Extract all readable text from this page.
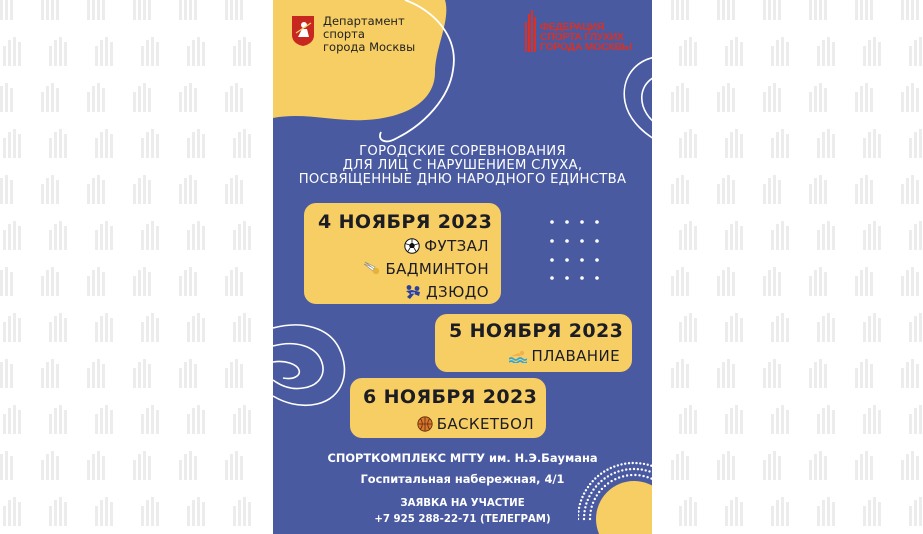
Департамент
спорта
города Москвы
ФЕДЕРАЦИЯ
СПОРТА ГЛУХИХ
ГОРОДА МОСКВЫ
ГОРОДСКИЕ СОРЕВНОВАНИЯ
ДЛЯ ЛИЦ С НАРУШЕНИЕМ СЛУХА,
ПОСВЯЩЕННЫЕ ДНЮ НАРОДНОГО ЕДИНСТВА
4 НОЯБРЯ 2023
ФУТЗАЛ
БАДМИНТОН
ДЗЮДО
5 НОЯБРЯ 2023
ПЛАВАНИЕ
6 НОЯБРЯ 2023
БАСКЕТБОЛ
СПОРТКОМПЛЕКС МГТУ им. Н.Э.Баумана
Госпитальная набережная, 4/1
ЗАЯВКА НА УЧАСТИЕ
+7 925 288-22-71 (ТЕЛЕГРАМ)
